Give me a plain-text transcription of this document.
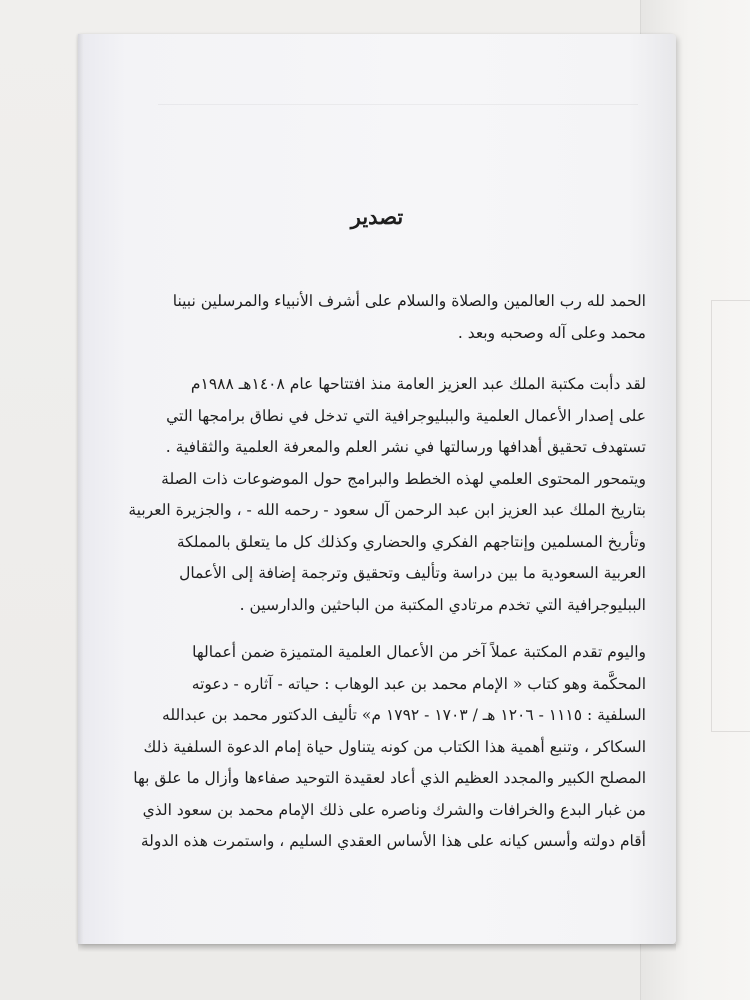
تصدير
الحمد لله رب العالمين والصلاة والسلام على أشرف الأنبياء والمرسلين نبينا
محمد وعلى آله وصحبه وبعد .
لقد دأبت مكتبة الملك عبد العزيز العامة منذ افتتاحها عام ١٤٠٨هـ ١٩٨٨م
على إصدار الأعمال العلمية والببليوجرافية التي تدخل في نطاق برامجها التي
تستهدف تحقيق أهدافها ورسالتها في نشر العلم والمعرفة العلمية والثقافية .
ويتمحور المحتوى العلمي لهذه الخطط والبرامج حول الموضوعات ذات الصلة
بتاريخ الملك عبد العزيز ابن عبد الرحمن آل سعود - رحمه الله - ، والجزيرة العربية
وتأريخ المسلمين وإنتاجهم الفكري والحضاري وكذلك كل ما يتعلق بالمملكة
العربية السعودية ما بين دراسة وتأليف وتحقيق وترجمة إضافة إلى الأعمال
الببليوجرافية التي تخدم مرتادي المكتبة من الباحثين والدارسين .
واليوم تقدم المكتبة عملاً آخر من الأعمال العلمية المتميزة ضمن أعمالها
المحكَّمة وهو كتاب « الإمام محمد بن عبد الوهاب : حياته - آثاره - دعوته
السلفية : ١١١٥ - ١٢٠٦ هـ / ١٧٠٣ - ١٧٩٢ م» تأليف الدكتور محمد بن عبدالله
السكاكر ، وتنبع أهمية هذا الكتاب من كونه يتناول حياة إمام الدعوة السلفية ذلك
المصلح الكبير والمجدد العظيم الذي أعاد لعقيدة التوحيد صفاءها وأزال ما علق بها
من غبار البدع والخرافات والشرك وناصره على ذلك الإمام محمد بن سعود الذي
أقام دولته وأسس كيانه على هذا الأساس العقدي السليم ، واستمرت هذه الدولة
